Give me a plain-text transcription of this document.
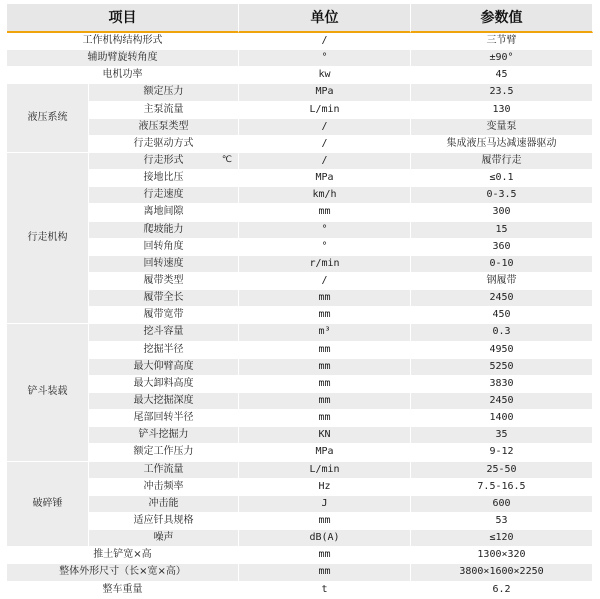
项目		单位	参数值
工作机构结构形式		/	三节臂
辅助臂旋转角度		°	±90°
电机功率		kw	45
液压系统	额定压力	MPa	23.5
	主泵流量	L/min	130
	液压泵类型	/	变量泵
	行走驱动方式	/	集成液压马达减速器驱动
行走机构	行走形式 ℃	/	履带行走
	接地比压	MPa	≤0.1
	行走速度	km/h	0-3.5
	离地间隙	mm	300
	爬坡能力	°	15
	回转角度	°	360
	回转速度	r/min	0-10
	履带类型	/	钢履带
	履带全长	mm	2450
	履带宽带	mm	450
铲斗装载	挖斗容量	m³	0.3
	挖掘半径	mm	4950
	最大仰臂高度	mm	5250
	最大卸料高度	mm	3830
	最大挖掘深度	mm	2450
	尾部回转半径	mm	1400
	铲斗挖掘力	KN	35
	额定工作压力	MPa	9-12
破碎锤	工作流量	L/min	25-50
	冲击频率	Hz	7.5-16.5
	冲击能	J	600
	适应钎具规格	mm	53
	噪声	dB(A)	≤120
推土铲宽×高		mm	1300×320
整体外形尺寸（长×宽×高）		mm	3800×1600×2250
整车重量		t	6.2
